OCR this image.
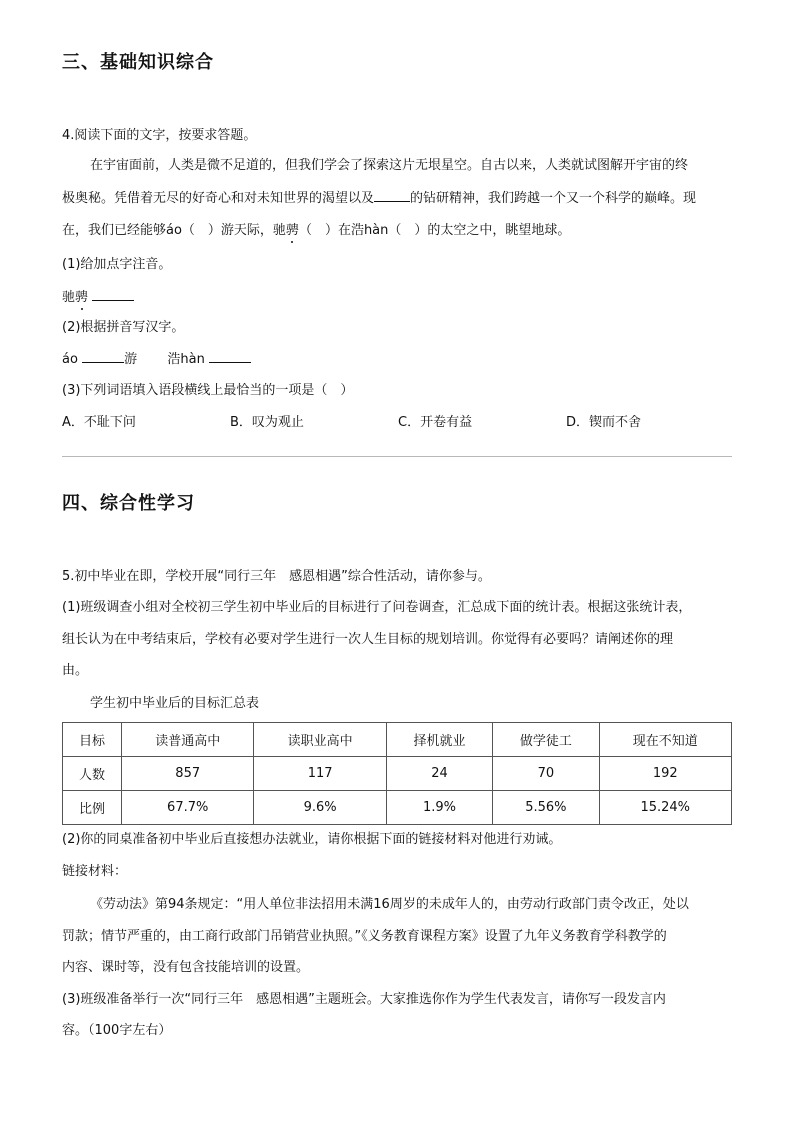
三、基础知识综合
4.阅读下面的文字，按要求答题。
在宇宙面前，人类是微不足道的，但我们学会了探索这片无垠星空。自古以来，人类就试图解开宇宙的终
极奥秘。凭借着无尽的好奇心和对未知世界的渴望以及	的钻研精神，我们跨越一个又一个科学的巅峰。现
在，我们已经能够áo（　）游天际，驰骋（　）在浩hàn（　）的太空之中，眺望地球。
(1)给加点字注音。
驰骋
(2)根据拼音写汉字。
áo	游 浩hàn
(3)下列词语填入语段横线上最恰当的一项是（　）
A．不耻下问	B．叹为观止	C．开卷有益	D．锲而不舍
四、综合性学习
5.初中毕业在即，学校开展“同行三年　感恩相遇”综合性活动，请你参与。
(1)班级调查小组对全校初三学生初中毕业后的目标进行了问卷调查，汇总成下面的统计表。根据这张统计表，
组长认为在中考结束后，学校有必要对学生进行一次人生目标的规划培训。你觉得有必要吗？请阐述你的理
由。
学生初中毕业后的目标汇总表
目标	读普通高中	读职业高中	择机就业	做学徒工	现在不知道
人数	857	117	24	70	192
比例	67.7%	9.6%	1.9%	5.56%	15.24%
(2)你的同桌准备初中毕业后直接想办法就业，请你根据下面的链接材料对他进行劝诫。
链接材料：
《劳动法》第94条规定：“用人单位非法招用未满16周岁的未成年人的，由劳动行政部门责令改正，处以
罚款；情节严重的，由工商行政部门吊销营业执照。”《义务教育课程方案》设置了九年义务教育学科教学的
内容、课时等，没有包含技能培训的设置。
(3)班级准备举行一次“同行三年　感恩相遇”主题班会。大家推选你作为学生代表发言，请你写一段发言内
容。（100字左右）
